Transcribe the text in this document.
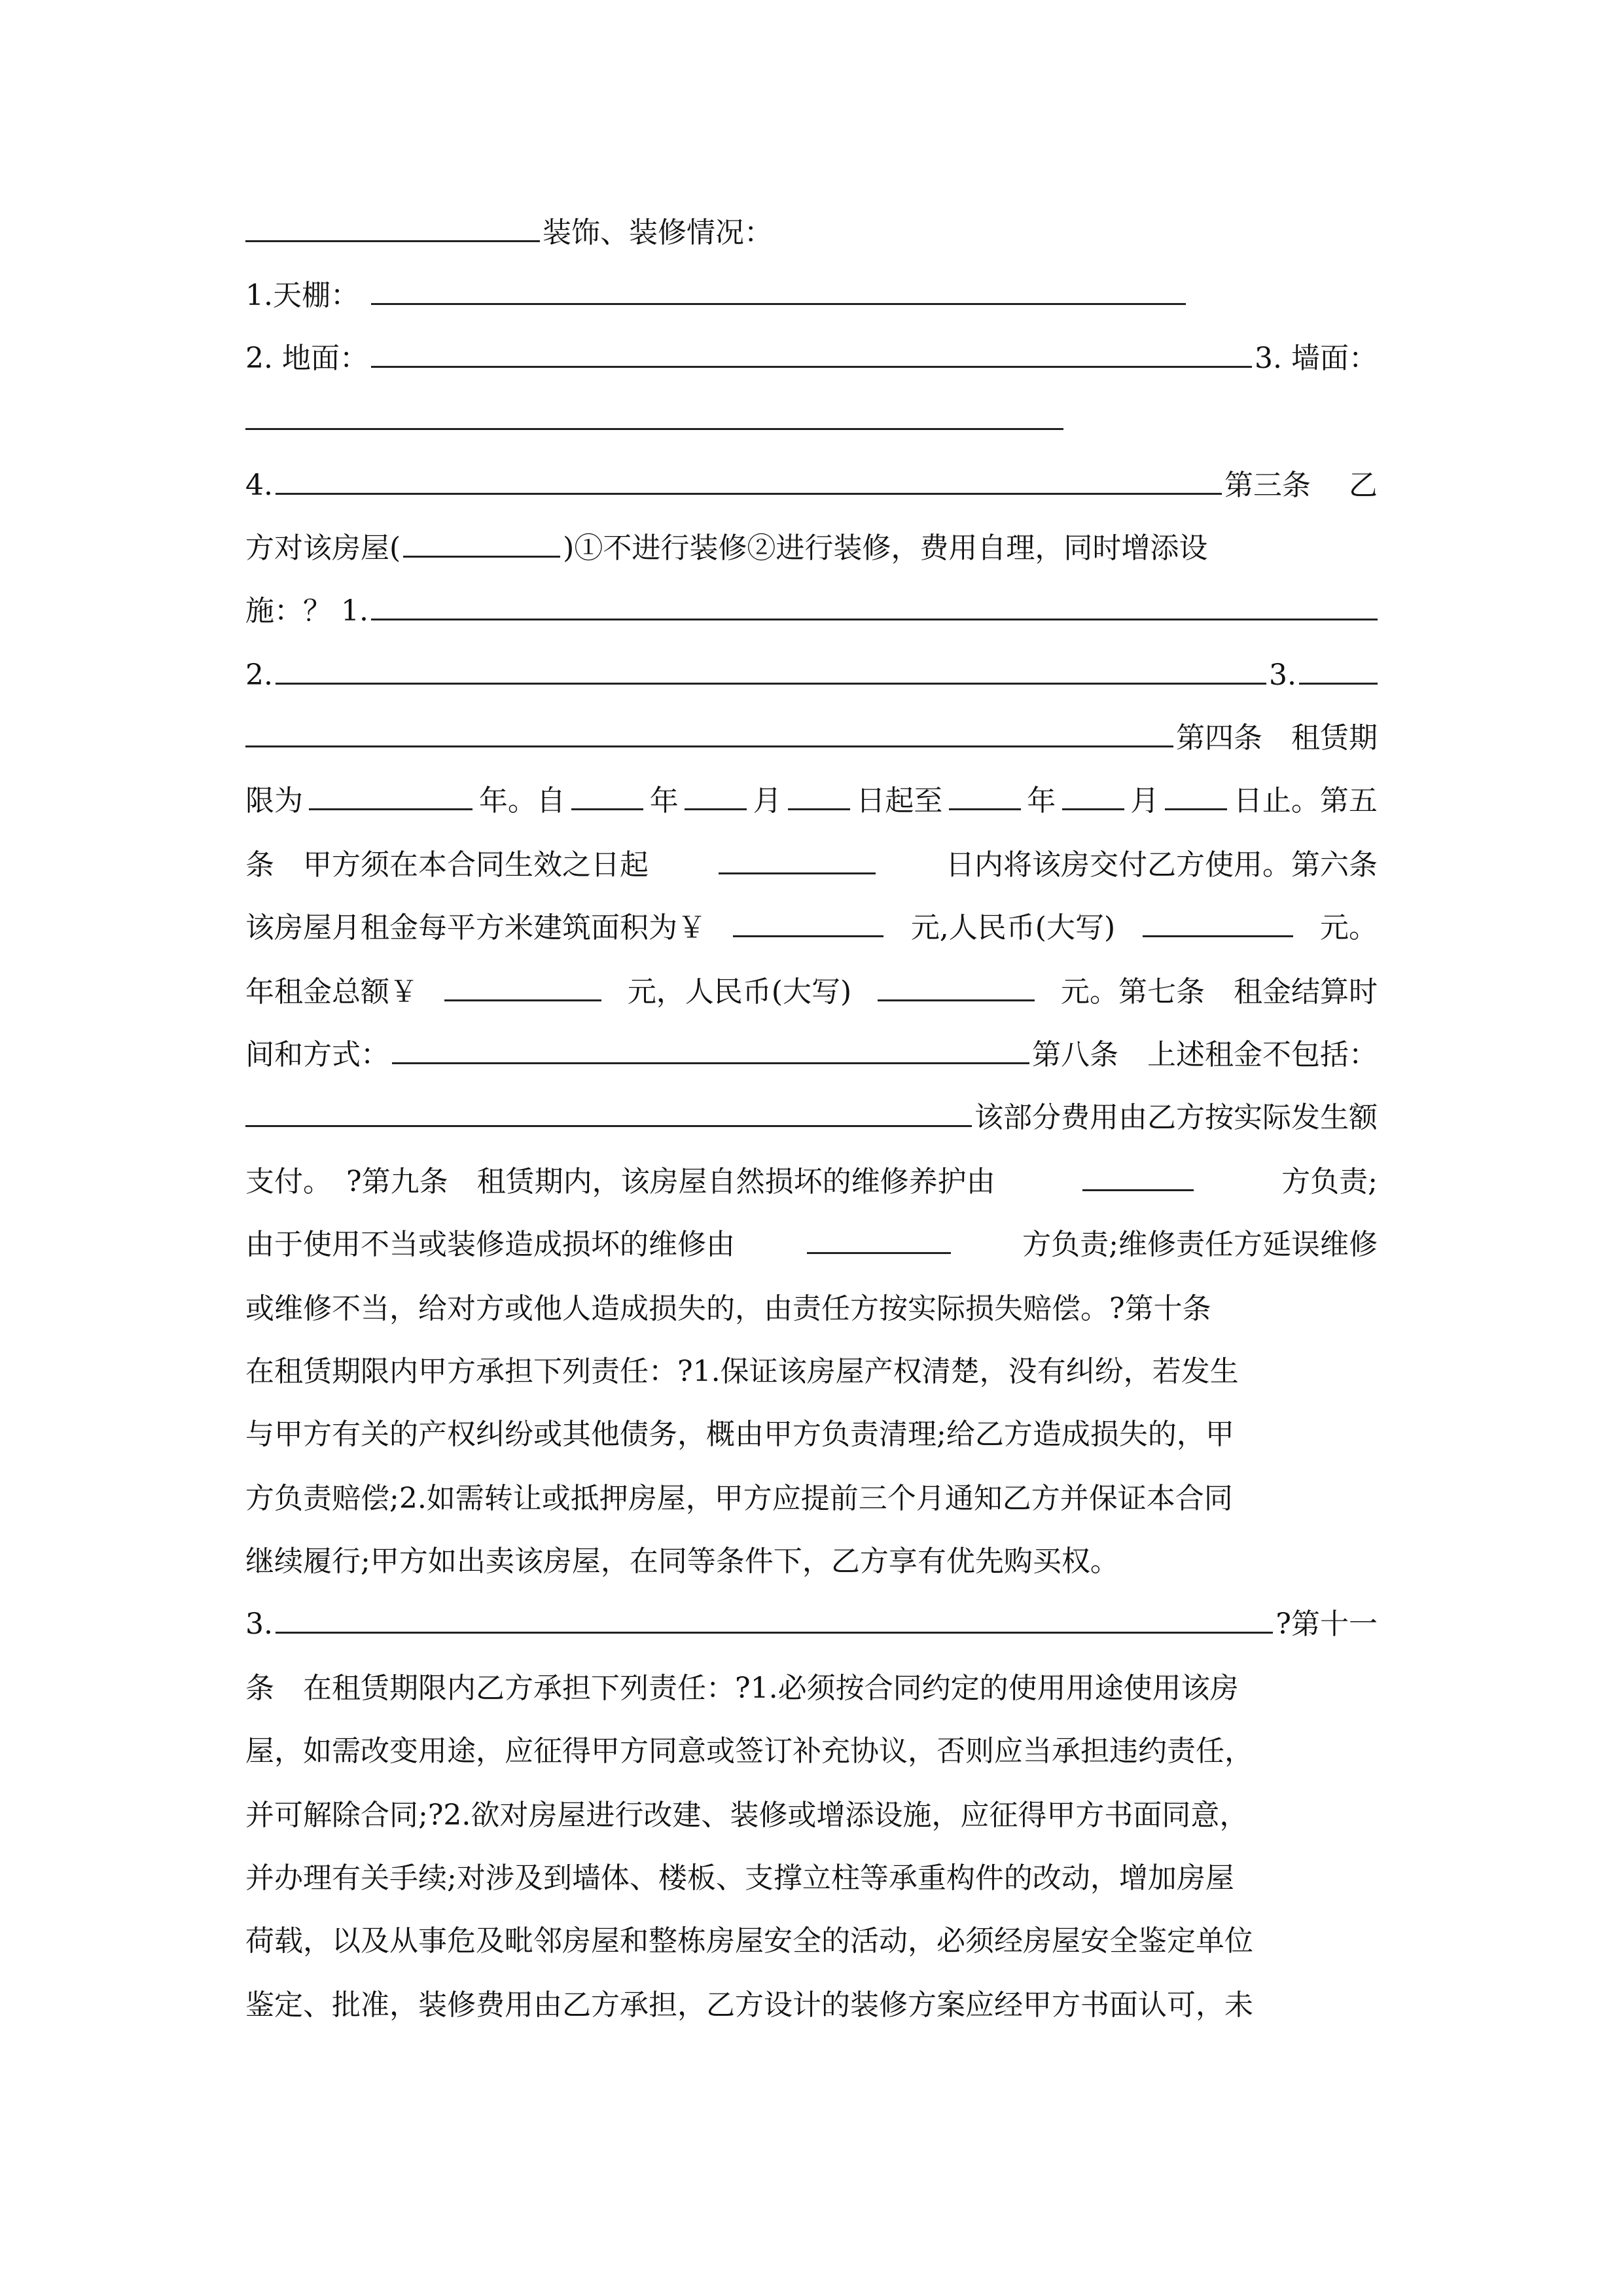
装饰、装修情况：
1.天棚：
2. 地面：	3. 墙面：
4.	第三条　 乙
方对该房屋(	)①不进行装修②进行装修，费用自理，同时增添设
施：？ 1.
2.	3.
第四条　租赁期
限为	年。自	年	月	日起至	年	月	日止。第五
条　甲方须在本合同生效之日起	日内将该房交付乙方使用。第六条
该房屋月租金每平方米建筑面积为￥	元,人民币(大写)	元。
年租金总额￥	元，人民币(大写)	元。第七条　租金结算时
间和方式：	第八条　上述租金不包括：
该部分费用由乙方按实际发生额
支付。　?第九条　租赁期内，该房屋自然损坏的维修养护由	方负责;
由于使用不当或装修造成损坏的维修由	方负责;维修责任方延误维修
或维修不当，给对方或他人造成损失的，由责任方按实际损失赔偿。?第十条
在租赁期限内甲方承担下列责任：?1.保证该房屋产权清楚，没有纠纷，若发生
与甲方有关的产权纠纷或其他债务，概由甲方负责清理;给乙方造成损失的，甲
方负责赔偿;2.如需转让或抵押房屋，甲方应提前三个月通知乙方并保证本合同
继续履行;甲方如出卖该房屋，在同等条件下，乙方享有优先购买权。
3.	?第十一
条　在租赁期限内乙方承担下列责任：?1.必须按合同约定的使用用途使用该房
屋，如需改变用途，应征得甲方同意或签订补充协议，否则应当承担违约责任，
并可解除合同;?2.欲对房屋进行改建、装修或增添设施，应征得甲方书面同意，
并办理有关手续;对涉及到墙体、楼板、支撑立柱等承重构件的改动，增加房屋
荷载，以及从事危及毗邻房屋和整栋房屋安全的活动，必须经房屋安全鉴定单位
鉴定、批准，装修费用由乙方承担，乙方设计的装修方案应经甲方书面认可，未
